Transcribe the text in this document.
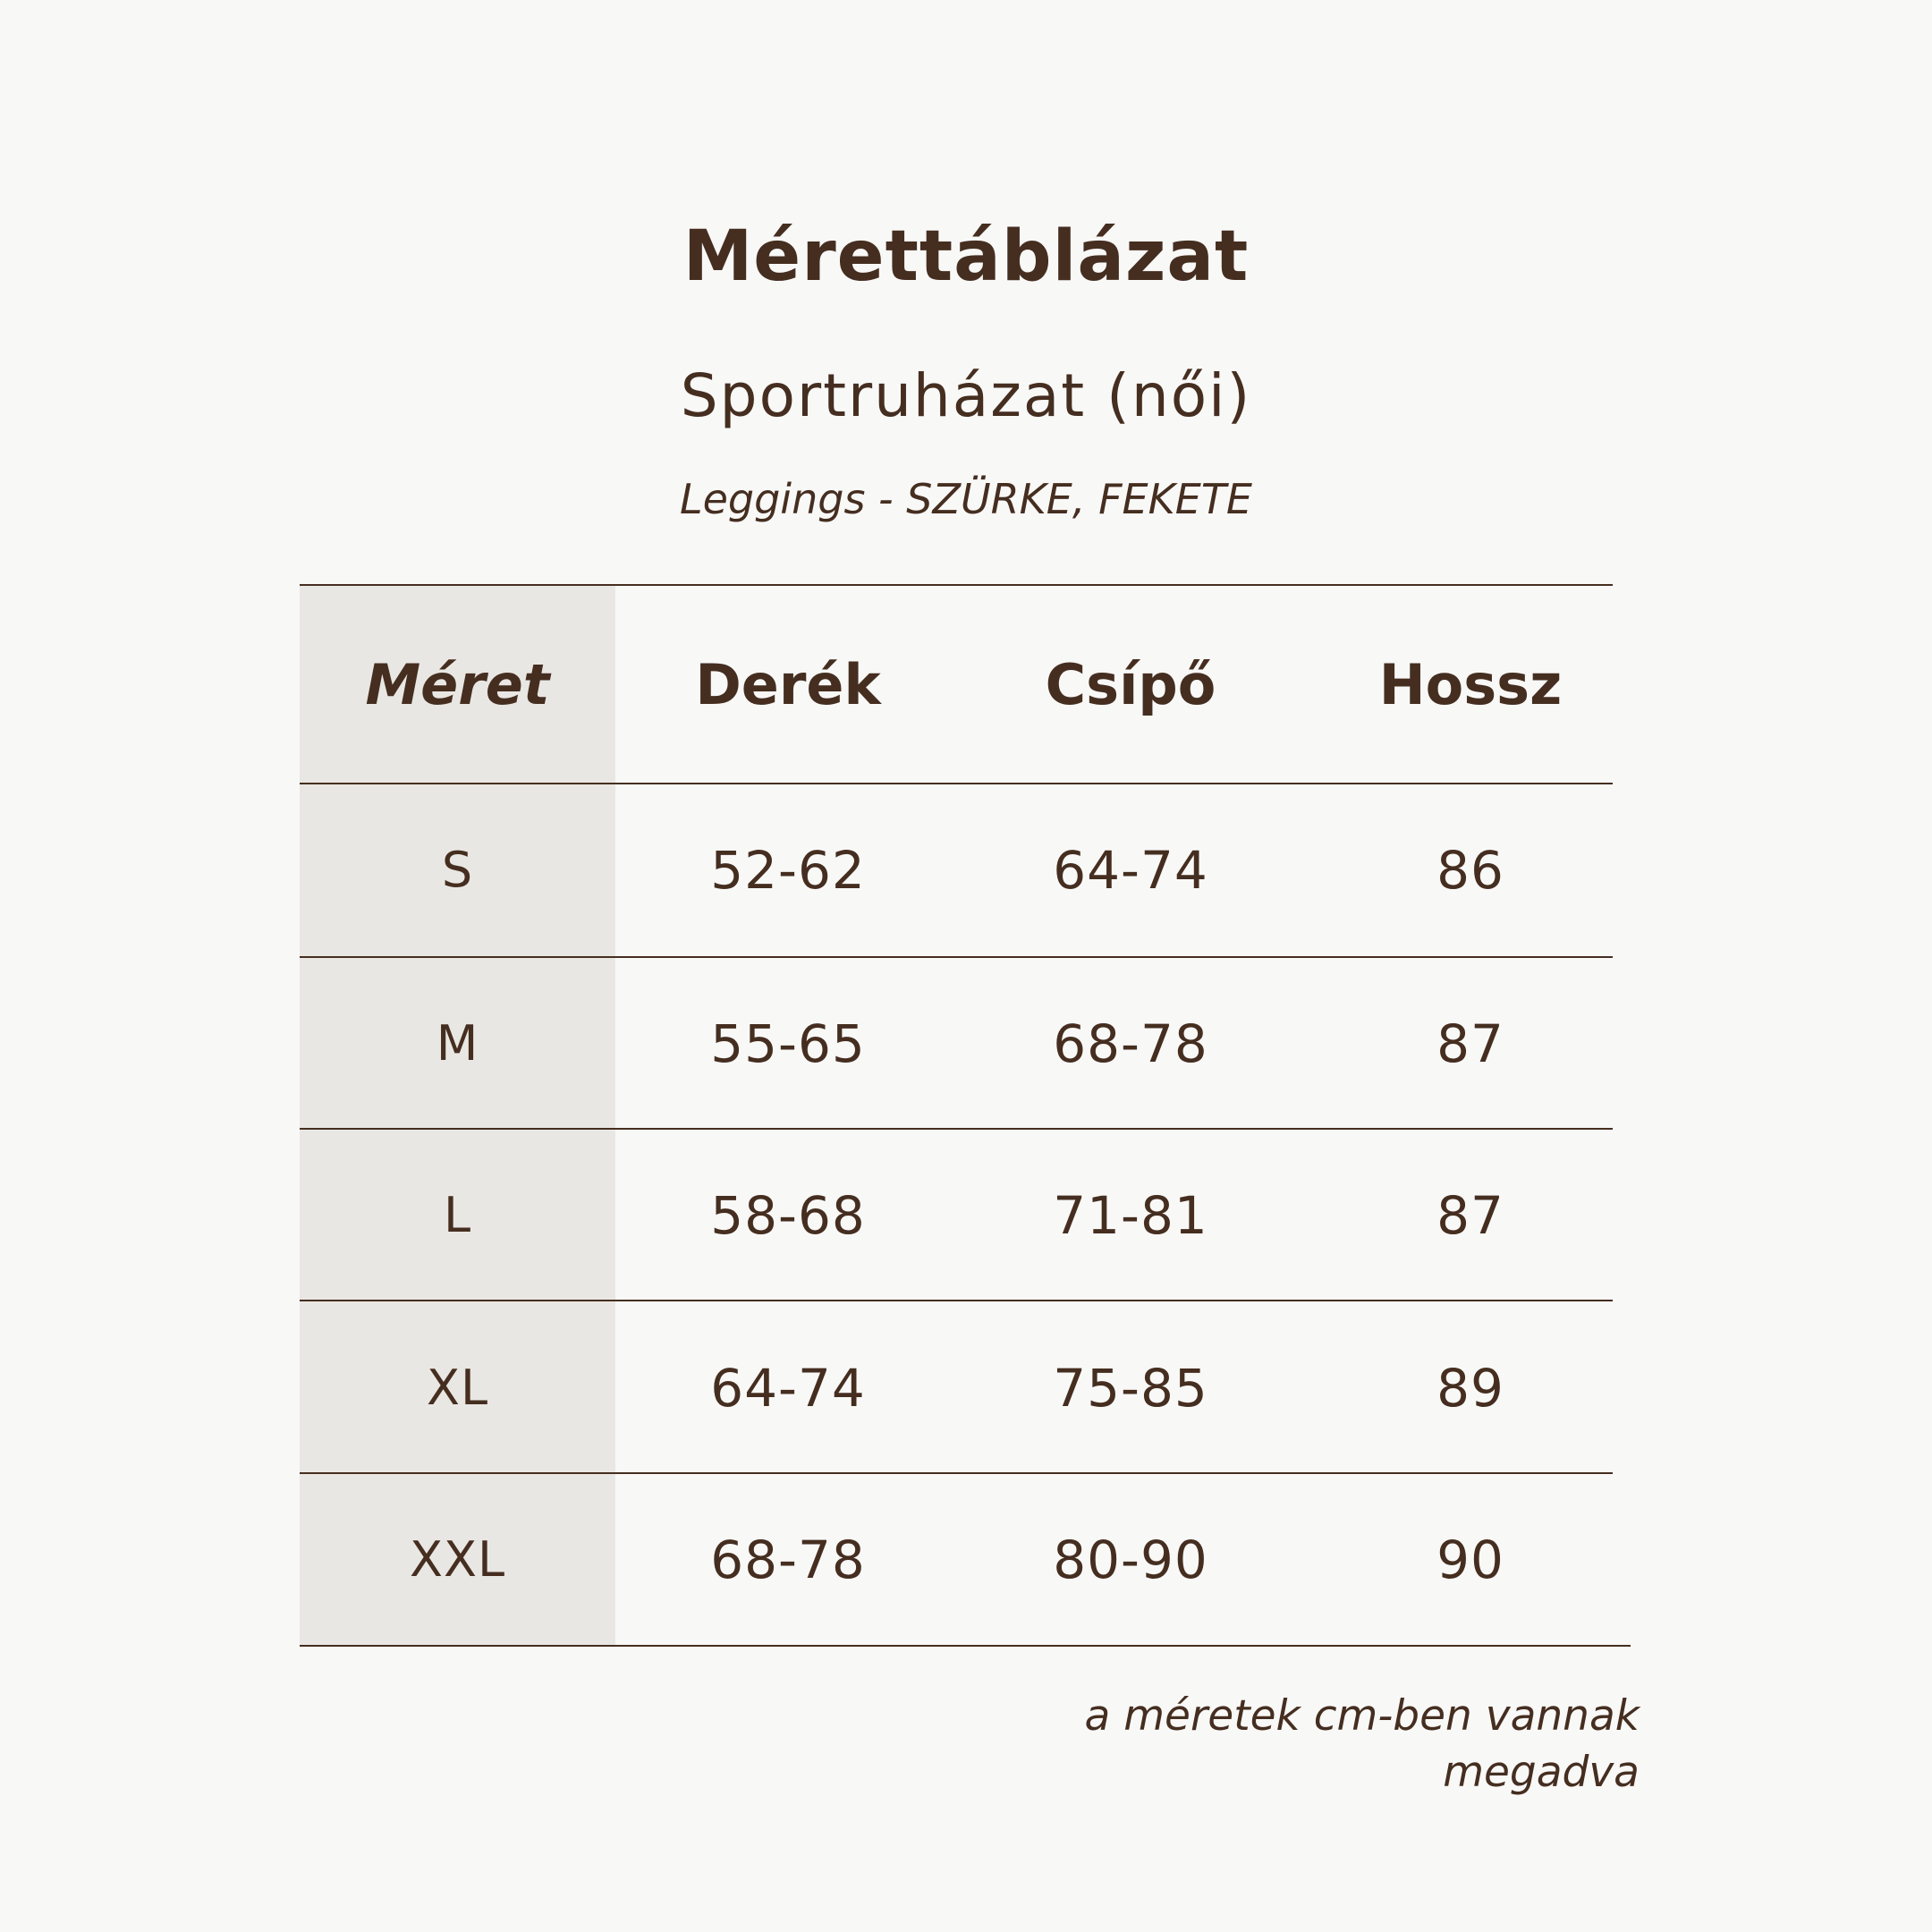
Mérettáblázat
Sportruházat (női)
Leggings - SZÜRKE, FEKETE
Méret	Derék	Csípő	Hossz
S	52-62	64-74	86
M	55-65	68-78	87
L	58-68	71-81	87
XL	64-74	75-85	89
XXL	68-78	80-90	90
a méretek cm-ben vannak
megadva
